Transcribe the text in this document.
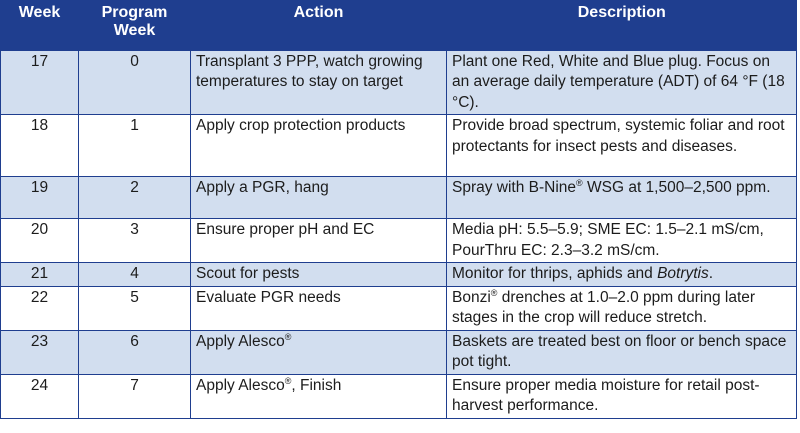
Week	Program Week	Action	Description
17	0	Transplant 3 PPP, watch growing temperatures to stay on target	Plant one Red, White and Blue plug. Focus on an average daily temperature (ADT) of 64 °F (18 °C).
18	1	Apply crop protection products	Provide broad spectrum, systemic foliar and root protectants for insect pests and diseases.
19	2	Apply a PGR, hang	Spray with B-Nine® WSG at 1,500–2,500 ppm.
20	3	Ensure proper pH and EC	Media pH: 5.5–5.9; SME EC: 1.5–2.1 mS/cm, PourThru EC: 2.3–3.2 mS/cm.
21	4	Scout for pests	Monitor for thrips, aphids and Botrytis.
22	5	Evaluate PGR needs	Bonzi® drenches at 1.0–2.0 ppm during later stages in the crop will reduce stretch.
23	6	Apply Alesco®	Baskets are treated best on floor or bench space pot tight.
24	7	Apply Alesco®, Finish	Ensure proper media moisture for retail post-harvest performance.
